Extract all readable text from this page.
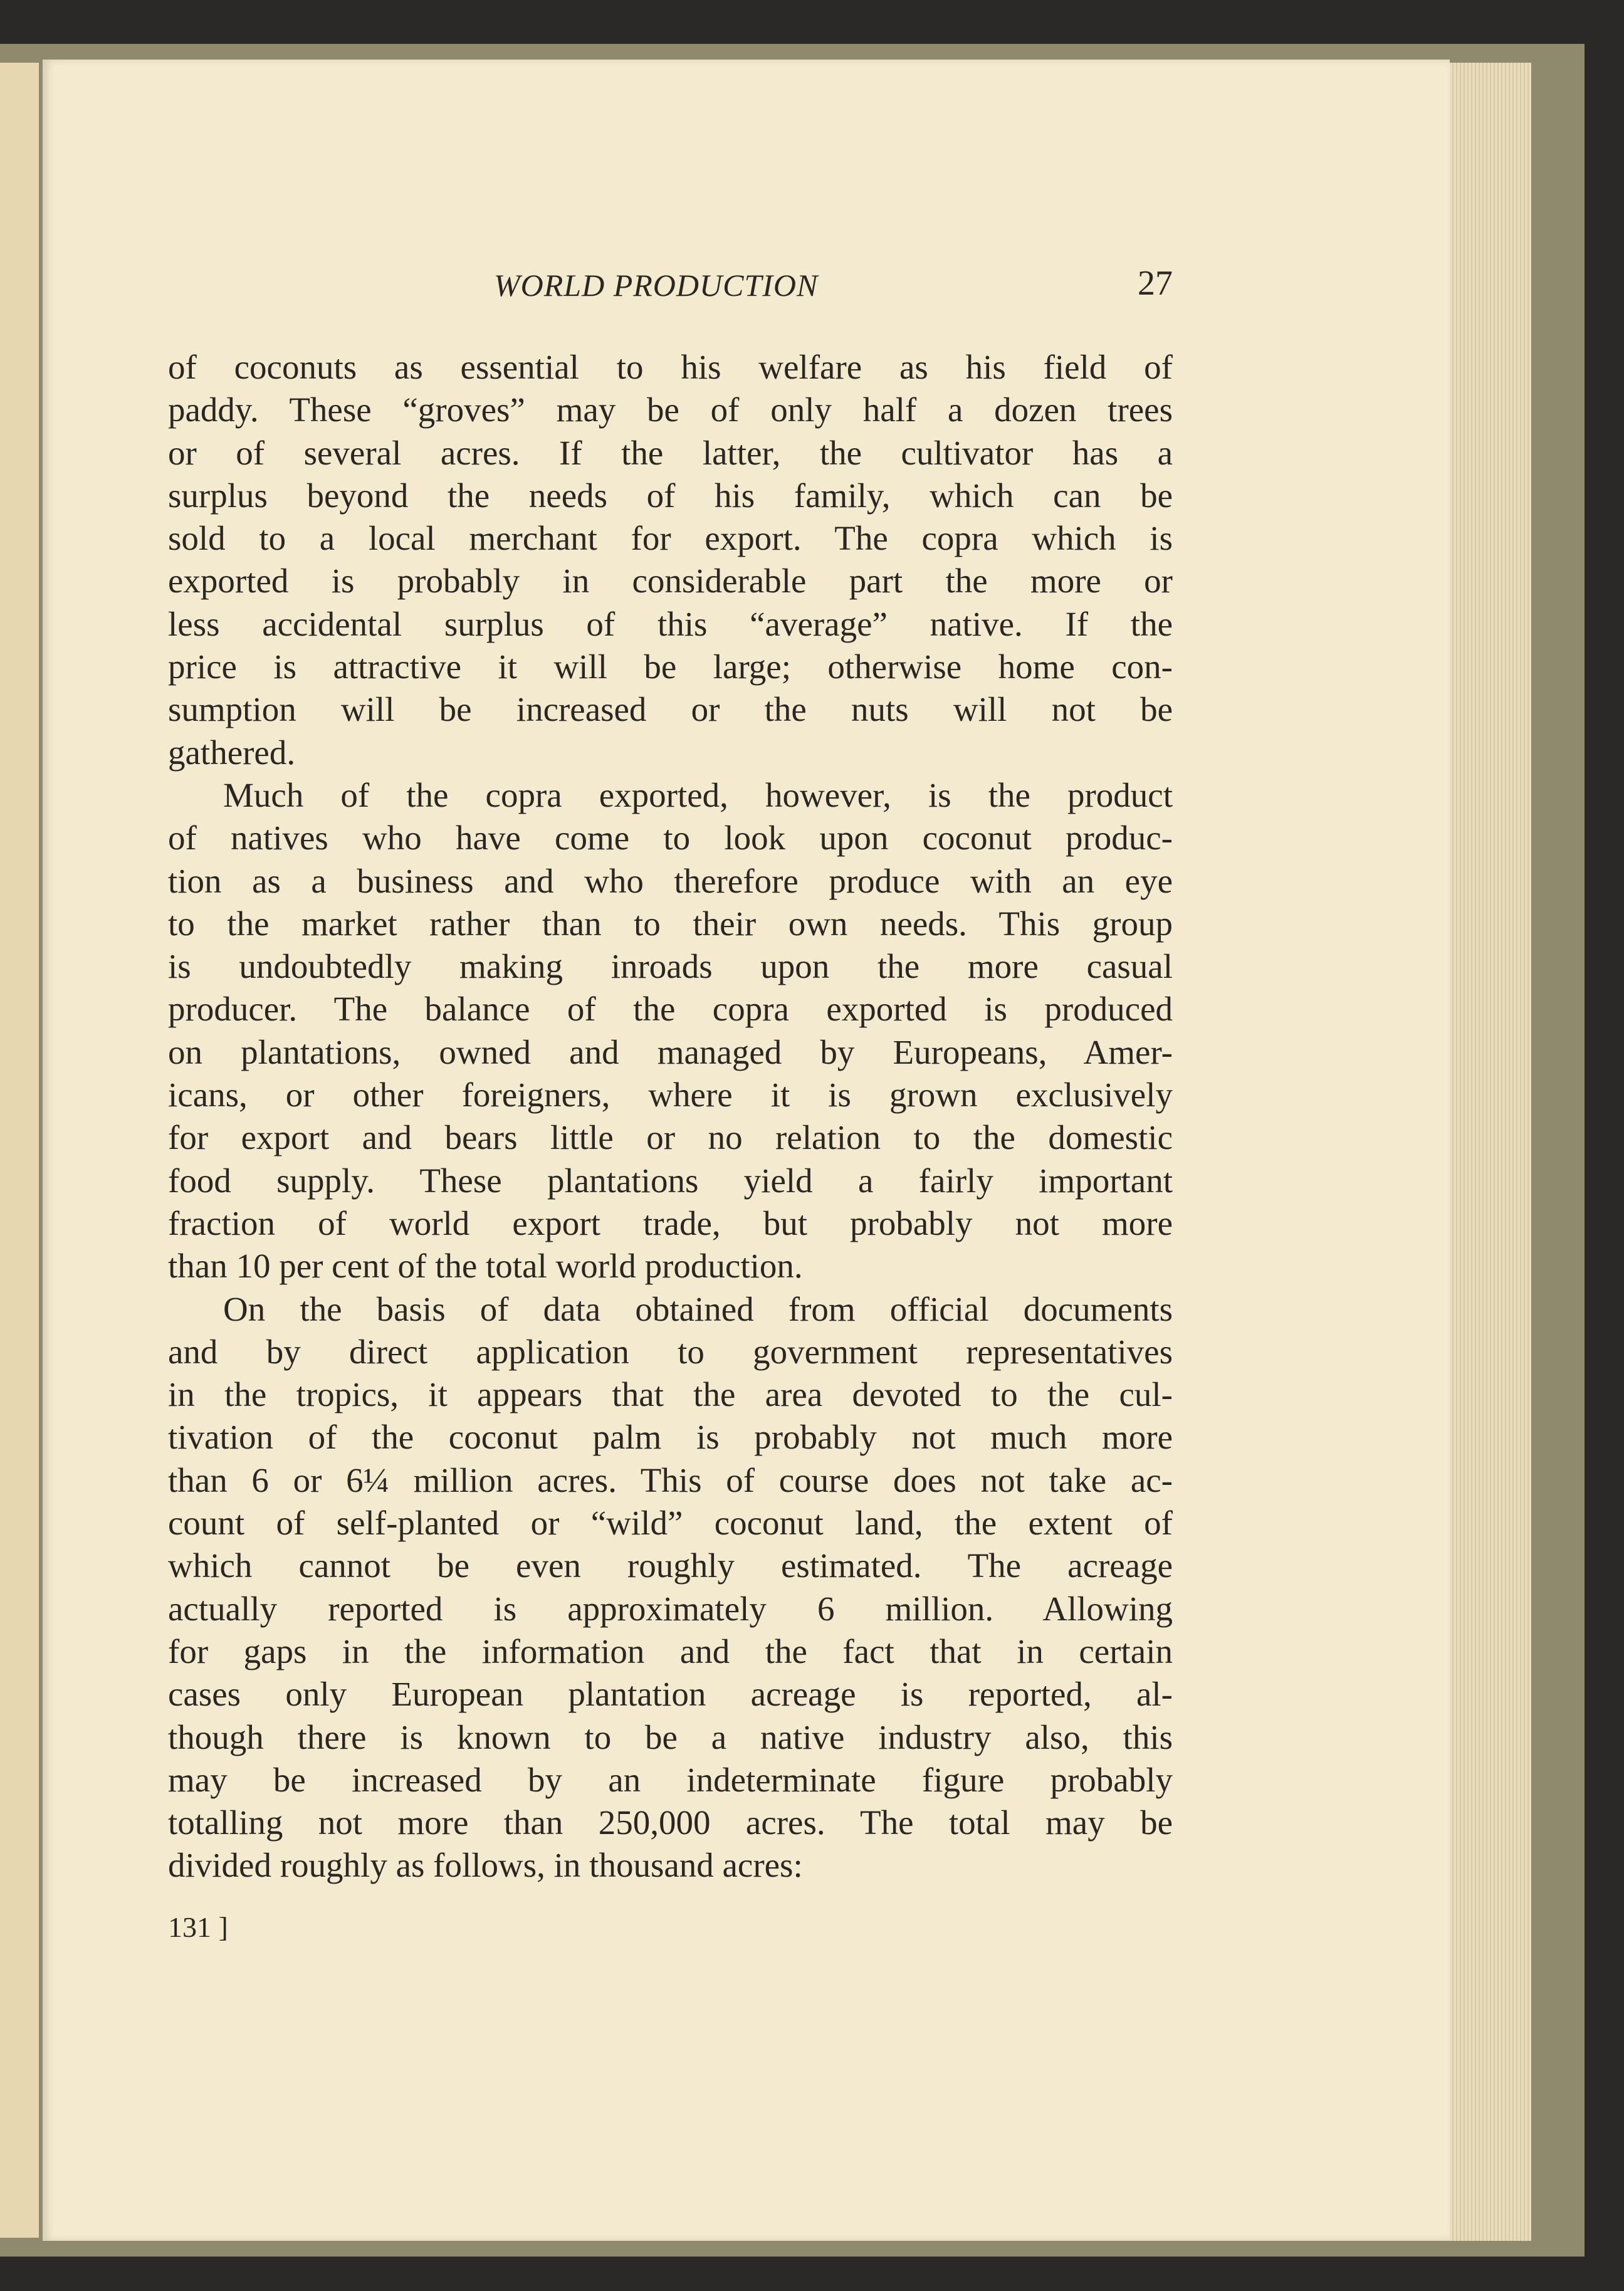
WORLD PRODUCTION	27
of coconuts as essential to his welfare as his field of
paddy. These “groves” may be of only half a dozen trees
or of several acres. If the latter, the cultivator has a
surplus beyond the needs of his family, which can be
sold to a local merchant for export. The copra which is
exported is probably in considerable part the more or
less accidental surplus of this “average” native. If the
price is attractive it will be large; otherwise home con-
sumption will be increased or the nuts will not be
gathered.
Much of the copra exported, however, is the product
of natives who have come to look upon coconut produc-
tion as a business and who therefore produce with an eye
to the market rather than to their own needs. This group
is undoubtedly making inroads upon the more casual
producer. The balance of the copra exported is produced
on plantations, owned and managed by Europeans, Amer-
icans, or other foreigners, where it is grown exclusively
for export and bears little or no relation to the domestic
food supply. These plantations yield a fairly important
fraction of world export trade, but probably not more
than 10 per cent of the total world production.
On the basis of data obtained from official documents
and by direct application to government representatives
in the tropics, it appears that the area devoted to the cul-
tivation of the coconut palm is probably not much more
than 6 or 6¼ million acres. This of course does not take ac-
count of self-planted or “wild” coconut land, the extent of
which cannot be even roughly estimated. The acreage
actually reported is approximately 6 million. Allowing
for gaps in the information and the fact that in certain
cases only European plantation acreage is reported, al-
though there is known to be a native industry also, this
may be increased by an indeterminate figure probably
totalling not more than 250,000 acres. The total may be
divided roughly as follows, in thousand acres:
131 ]
